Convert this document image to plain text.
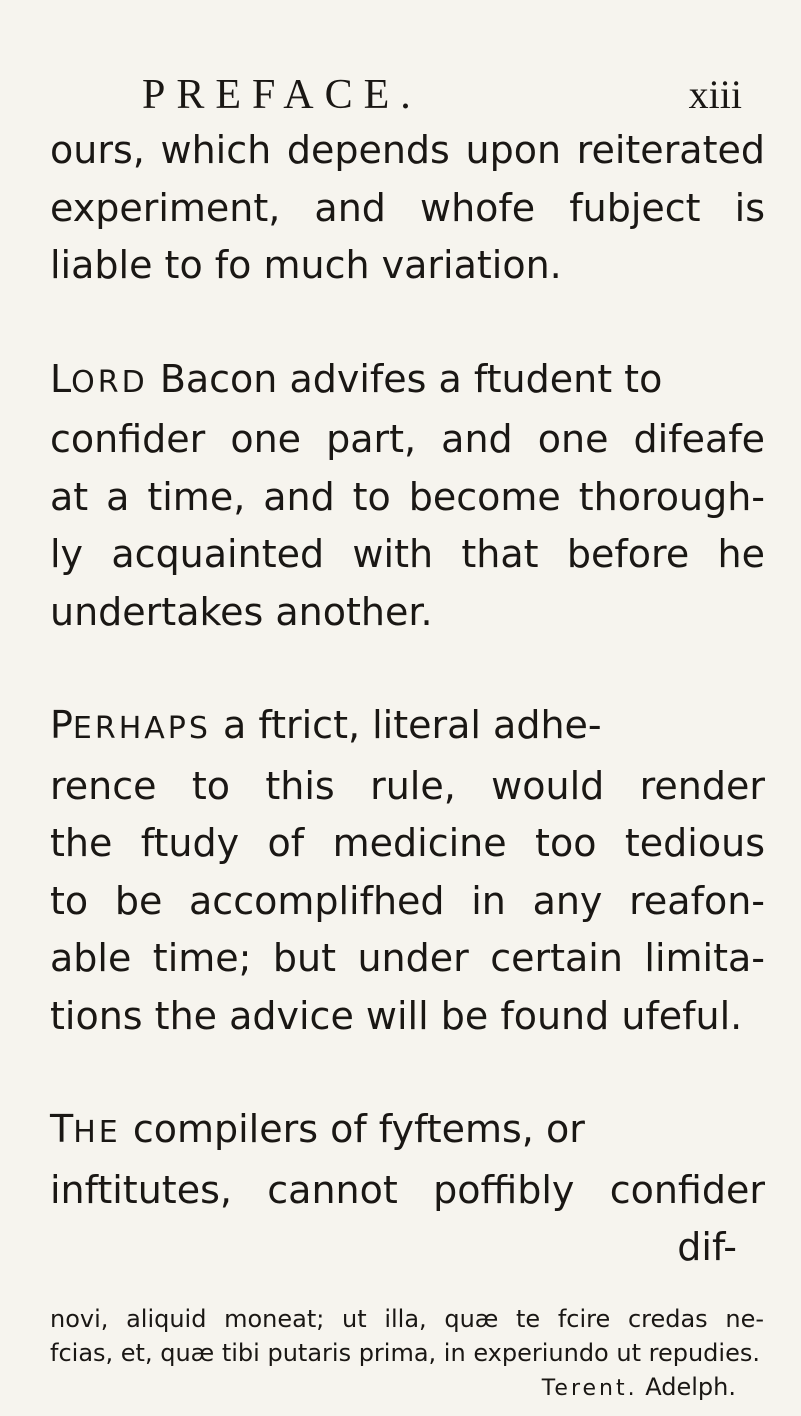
PREFACE.	xiii
ours, which depends upon reiterated
experiment, and whofe fubject is
liable to fo much variation.
LORD Bacon advifes a ftudent to
confider one part, and one difeafe
at a time, and to become thorough-
ly acquainted with that before he
undertakes another.
PERHAPS a ftrict, literal adhe-
rence to this rule, would render
the ftudy of medicine too tedious
to be accomplifhed in any reafon-
able time; but under certain limita-
tions the advice will be found ufeful.
THE compilers of fyftems, or
inftitutes, cannot poffibly confider
dif-
novi, aliquid moneat; ut illa, quæ te fcire credas ne-
fcias, et, quæ tibi putaris prima, in experiundo ut repudies.
Terent. Adelph.
